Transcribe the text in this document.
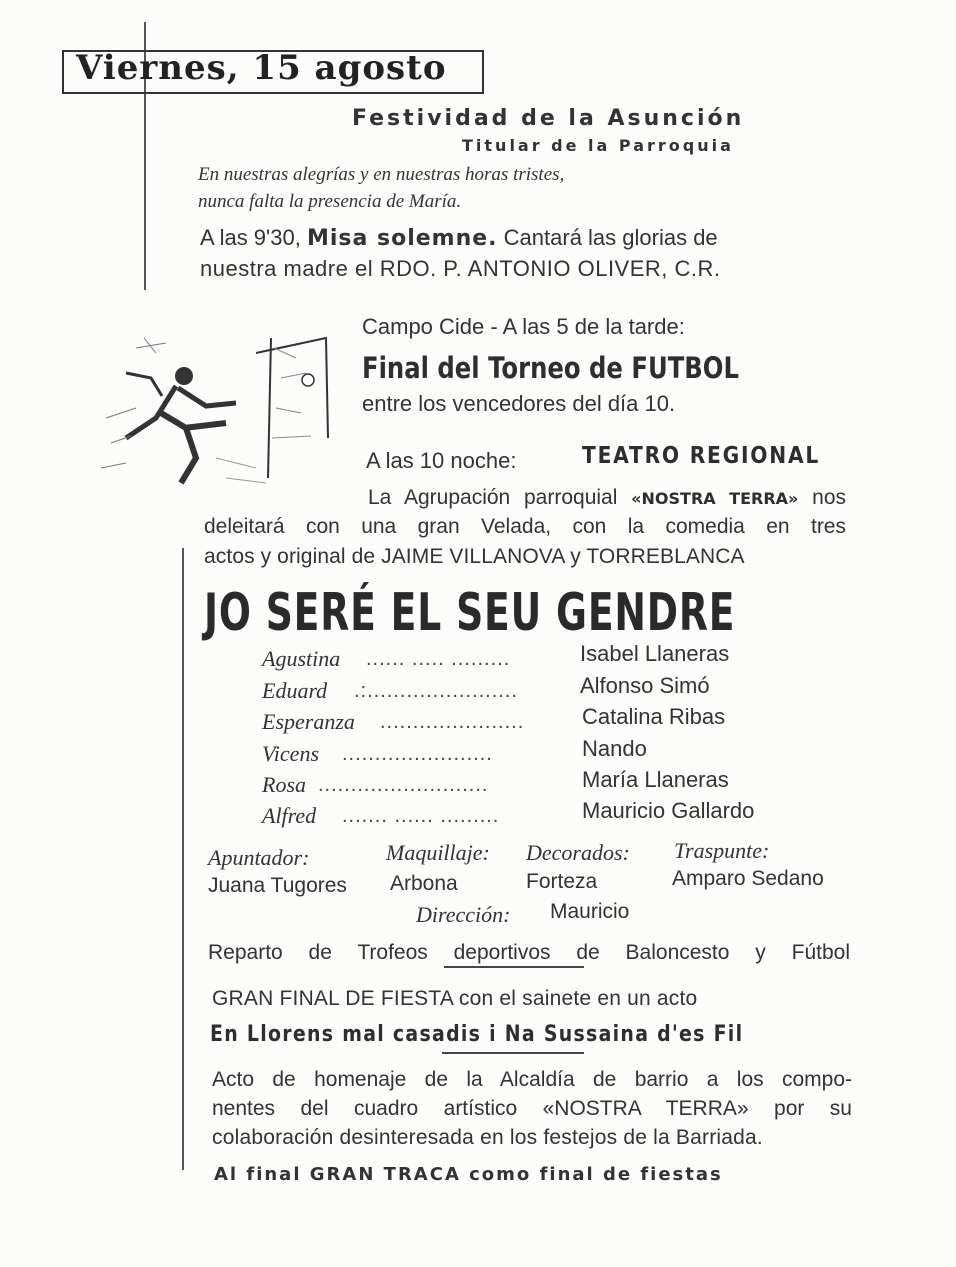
Viernes, 15 agosto
Festividad de la Asunción
Titular de la Parroquia
En nuestras alegrías y en nuestras horas tristes,
nunca falta la presencia de María.
A las 9'30, Misa solemne. Cantará las glorias de
nuestra madre el RDO. P. ANTONIO OLIVER, C.R.
Campo Cide - A las 5 de la tarde:
Final del Torneo de FUTBOL
entre los vencedores del día 10.
A las 10 noche:	TEATRO REGIONAL
La Agrupación parroquial «NOSTRA TERRA» nos
deleitará con una gran Velada, con la comedia en tres
actos y original de JAIME VILLANOVA y TORREBLANCA
JO SERÉ EL SEU GENDRE
Agustina ...... ..... .........	Isabel Llaneras
Eduard .:.......................	Alfonso Simó
Esperanza ......................	Catalina Ribas
Vicens .......................	Nando
Rosa ..........................	María Llaneras
Alfred ....... ...... .........	Mauricio Gallardo
Apuntador:
Juana Tugores
Maquillaje:
Arbona
Decorados:
Forteza
Traspunte:
Amparo Sedano
Dirección: Mauricio
Reparto de Trofeos deportivos de Baloncesto y Fútbol
GRAN FINAL DE FIESTA con el sainete en un acto
En Llorens mal casadis i Na Sussaina d'es Fil
Acto de homenaje de la Alcaldía de barrio a los compo-
nentes del cuadro artístico «NOSTRA TERRA» por su
colaboración desinteresada en los festejos de la Barriada.
Al final GRAN TRACA como final de fiestas
